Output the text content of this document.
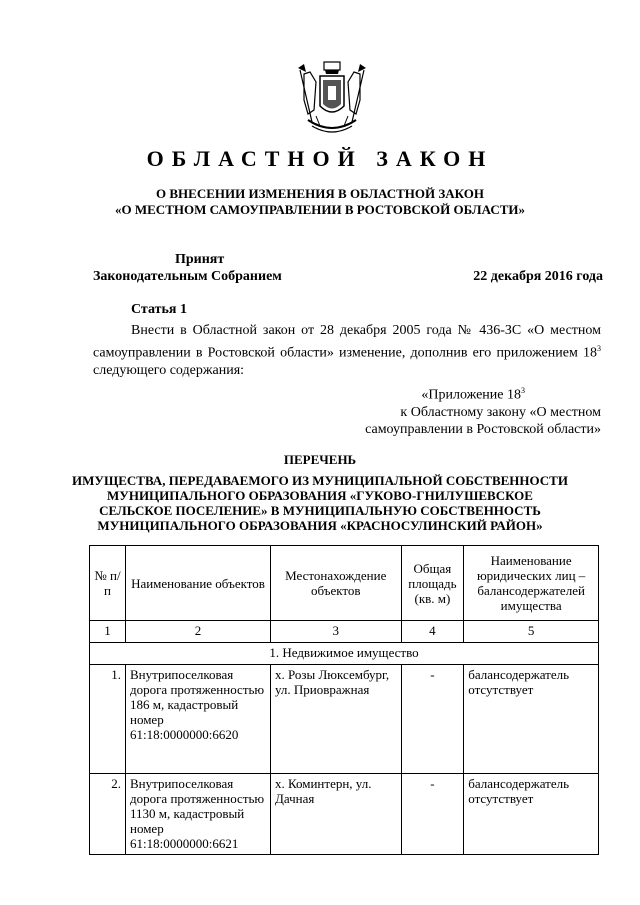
ОБЛАСТНОЙ ЗАКОН
О ВНЕСЕНИИ ИЗМЕНЕНИЯ В ОБЛАСТНОЙ ЗАКОН
«О МЕСТНОМ САМОУПРАВЛЕНИИ В РОСТОВСКОЙ ОБЛАСТИ»
Принят
Законодательным Собранием	22 декабря 2016 года
Статья 1
Внести в Областной закон от 28 декабря 2005 года № 436-ЗС «О местном самоуправлении в Ростовской области» изменение, дополнив его приложением $18^3$ следующего содержания:
«Приложение $18^3$
к Областному закону «О местном
самоуправлении в Ростовской области»
ПЕРЕЧЕНЬ
ИМУЩЕСТВА, ПЕРЕДАВАЕМОГО ИЗ МУНИЦИПАЛЬНОЙ СОБСТВЕННОСТИ
МУНИЦИПАЛЬНОГО ОБРАЗОВАНИЯ «ГУКОВО-ГНИЛУШЕВСКОЕ
СЕЛЬСКОЕ ПОСЕЛЕНИЕ» В МУНИЦИПАЛЬНУЮ СОБСТВЕННОСТЬ
МУНИЦИПАЛЬНОГО ОБРАЗОВАНИЯ «КРАСНОСУЛИНСКИЙ РАЙОН»
№ п/п	Наименование объектов	Местонахождение объектов	Общая площадь (кв. м)	Наименование юридических лиц – балансодержателей имущества
1	2	3	4	5
1. Недвижимое имущество				
1.	Внутрипоселковая дорога протяженностью 186 м, кадастровый номер 61:18:0000000:6620	х. Розы Люксембург, ул. Приовражная	-	балансодержатель отсутствует
2.	Внутрипоселковая дорога протяженностью 1130 м, кадастровый номер 61:18:0000000:6621	х. Коминтерн, ул. Дачная	-	балансодержатель отсутствует
